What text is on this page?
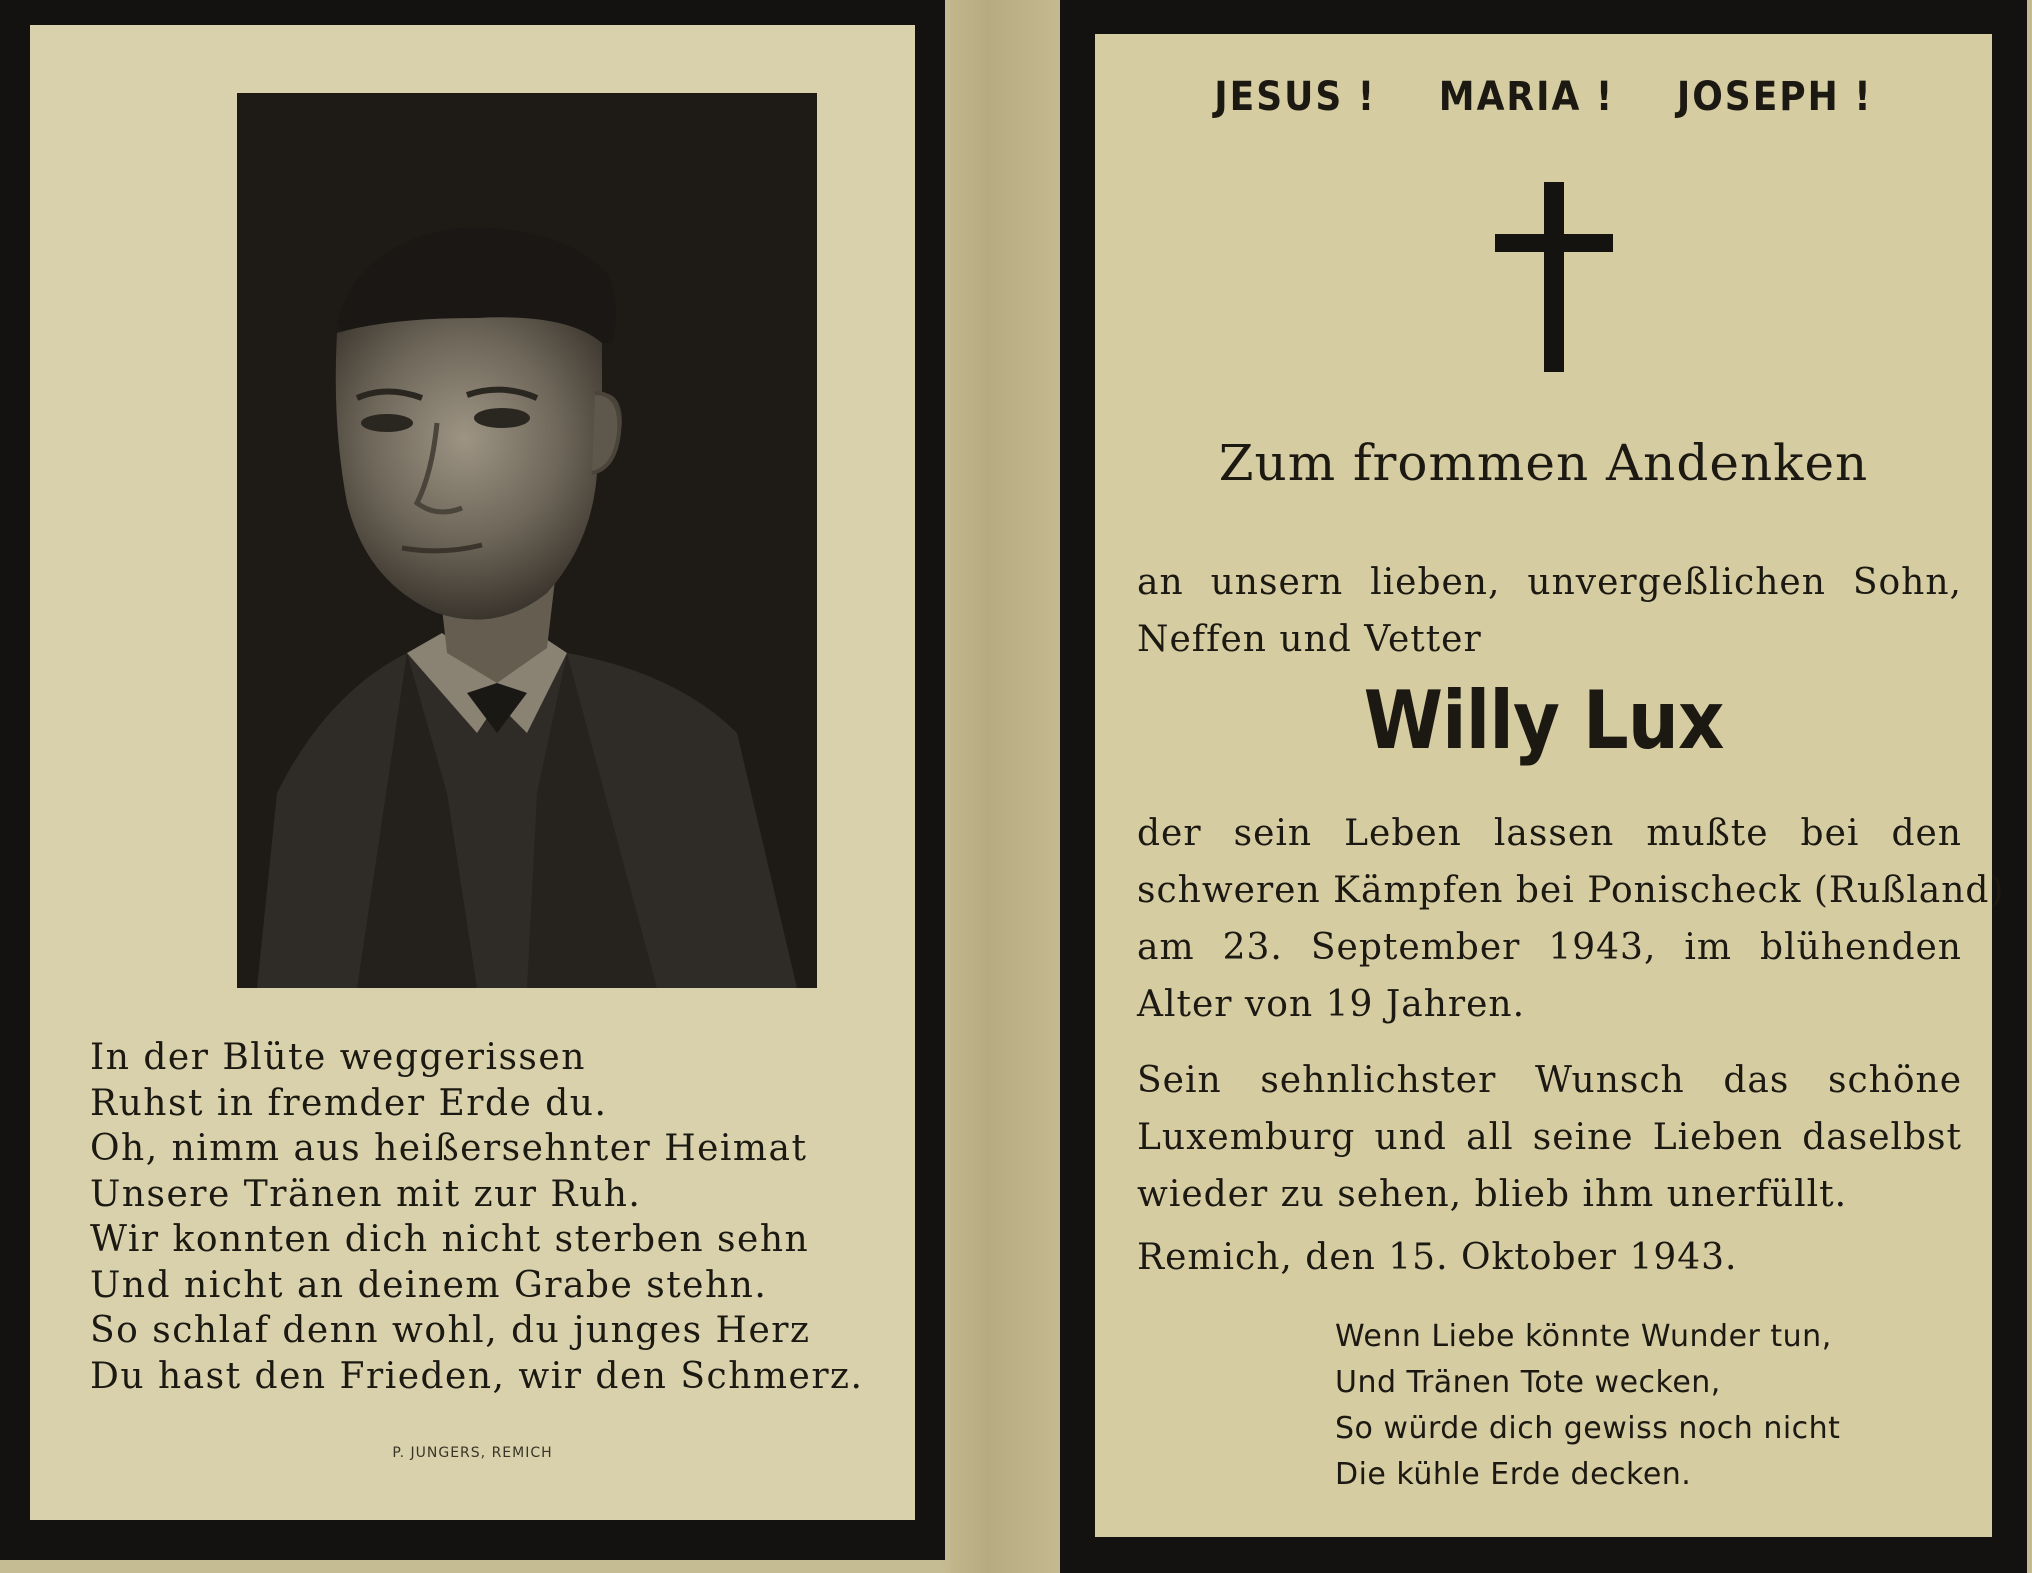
In der Blüte weggerissen
Ruhst in fremder Erde du.
Oh, nimm aus heißersehnter Heimat
Unsere Tränen mit zur Ruh.
Wir konnten dich nicht sterben sehn
Und nicht an deinem Grabe stehn.
So schlaf denn wohl, du junges Herz
Du hast den Frieden, wir den Schmerz.
P. JUNGERS, REMICH
JESUS ! MARIA ! JOSEPH !
Zum frommen Andenken
an unsern lieben, unvergeßlichen Sohn,
Neffen und Vetter
Willy Lux
der sein Leben lassen mußte bei den
schweren Kämpfen bei Ponischeck (Rußland)
am 23. September 1943, im blühenden
Alter von 19 Jahren.
Sein sehnlichster Wunsch das schöne
Luxemburg und all seine Lieben daselbst
wieder zu sehen, blieb ihm unerfüllt.
Remich, den 15. Oktober 1943.
Wenn Liebe könnte Wunder tun,
Und Tränen Tote wecken,
So würde dich gewiss noch nicht
Die kühle Erde decken.
